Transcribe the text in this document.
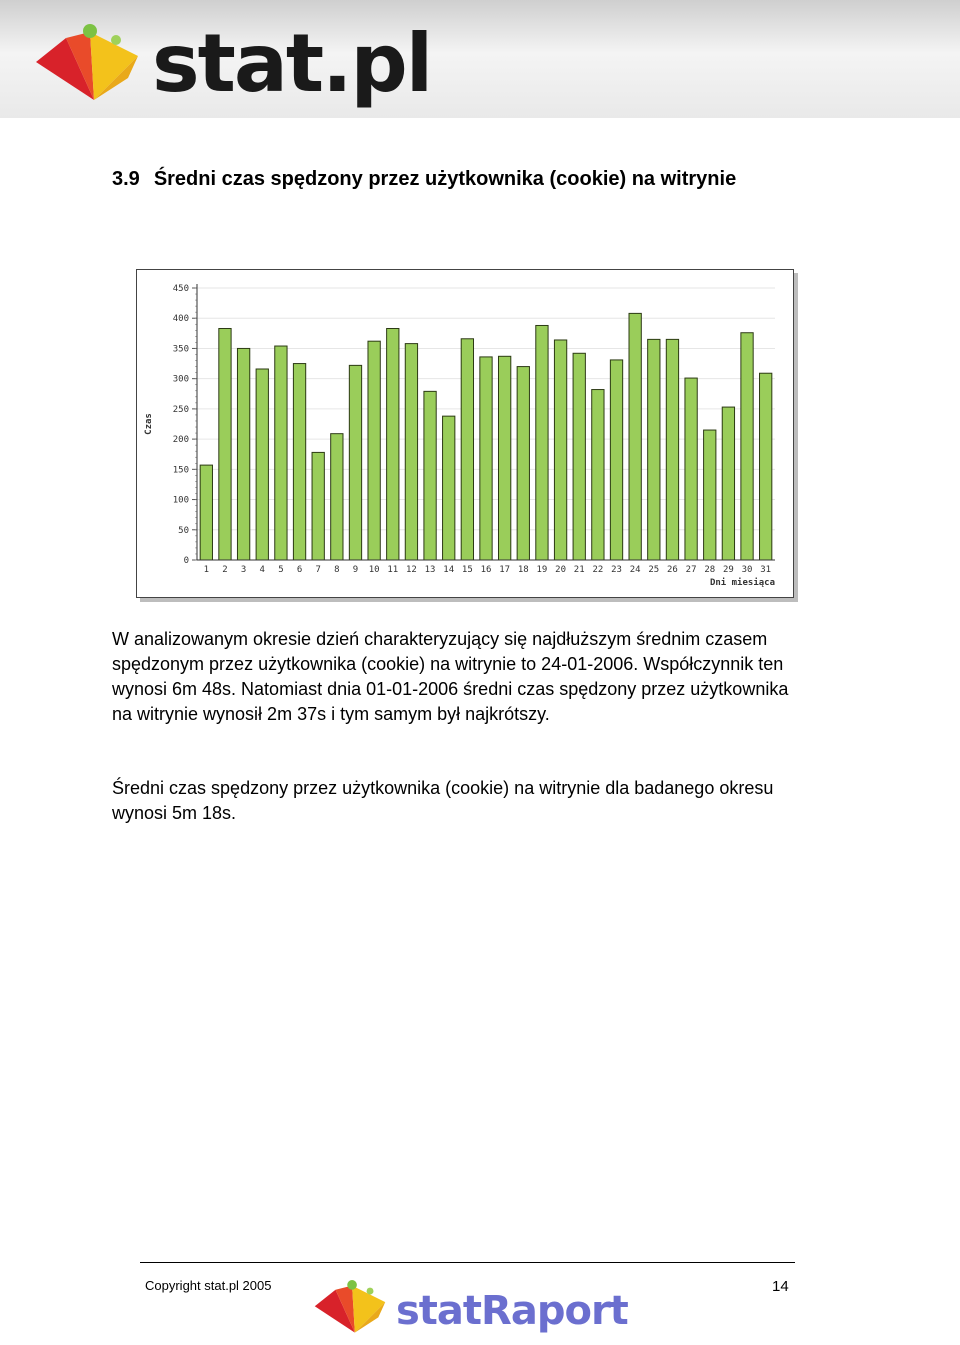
stat.pl
3.9 Średni czas spędzony przez użytkownika (cookie) na witrynie
0
50
100
150
200
250
300
350
400
450
1 2 3 4 5 6 7 8 9 10 11 12 13 14 15 16 17 18 19 20 21 22 23 24 25 26 27 28 29 30 31
Czas
Dni miesiąca

W analizowanym okresie dzień charakteryzujący się najdłuższym średnim czasem spędzonym przez użytkownika (cookie) na witrynie to 24-01-2006. Współczynnik ten wynosi 6m 48s. Natomiast dnia 01-01-2006 średni czas spędzony przez użytkownika na witrynie wynosił 2m 37s i tym samym był najkrótszy.

Średni czas spędzony przez użytkownika (cookie) na witrynie dla badanego okresu wynosi 5m 18s.

Copyright stat.pl 2005
statRaport
14
